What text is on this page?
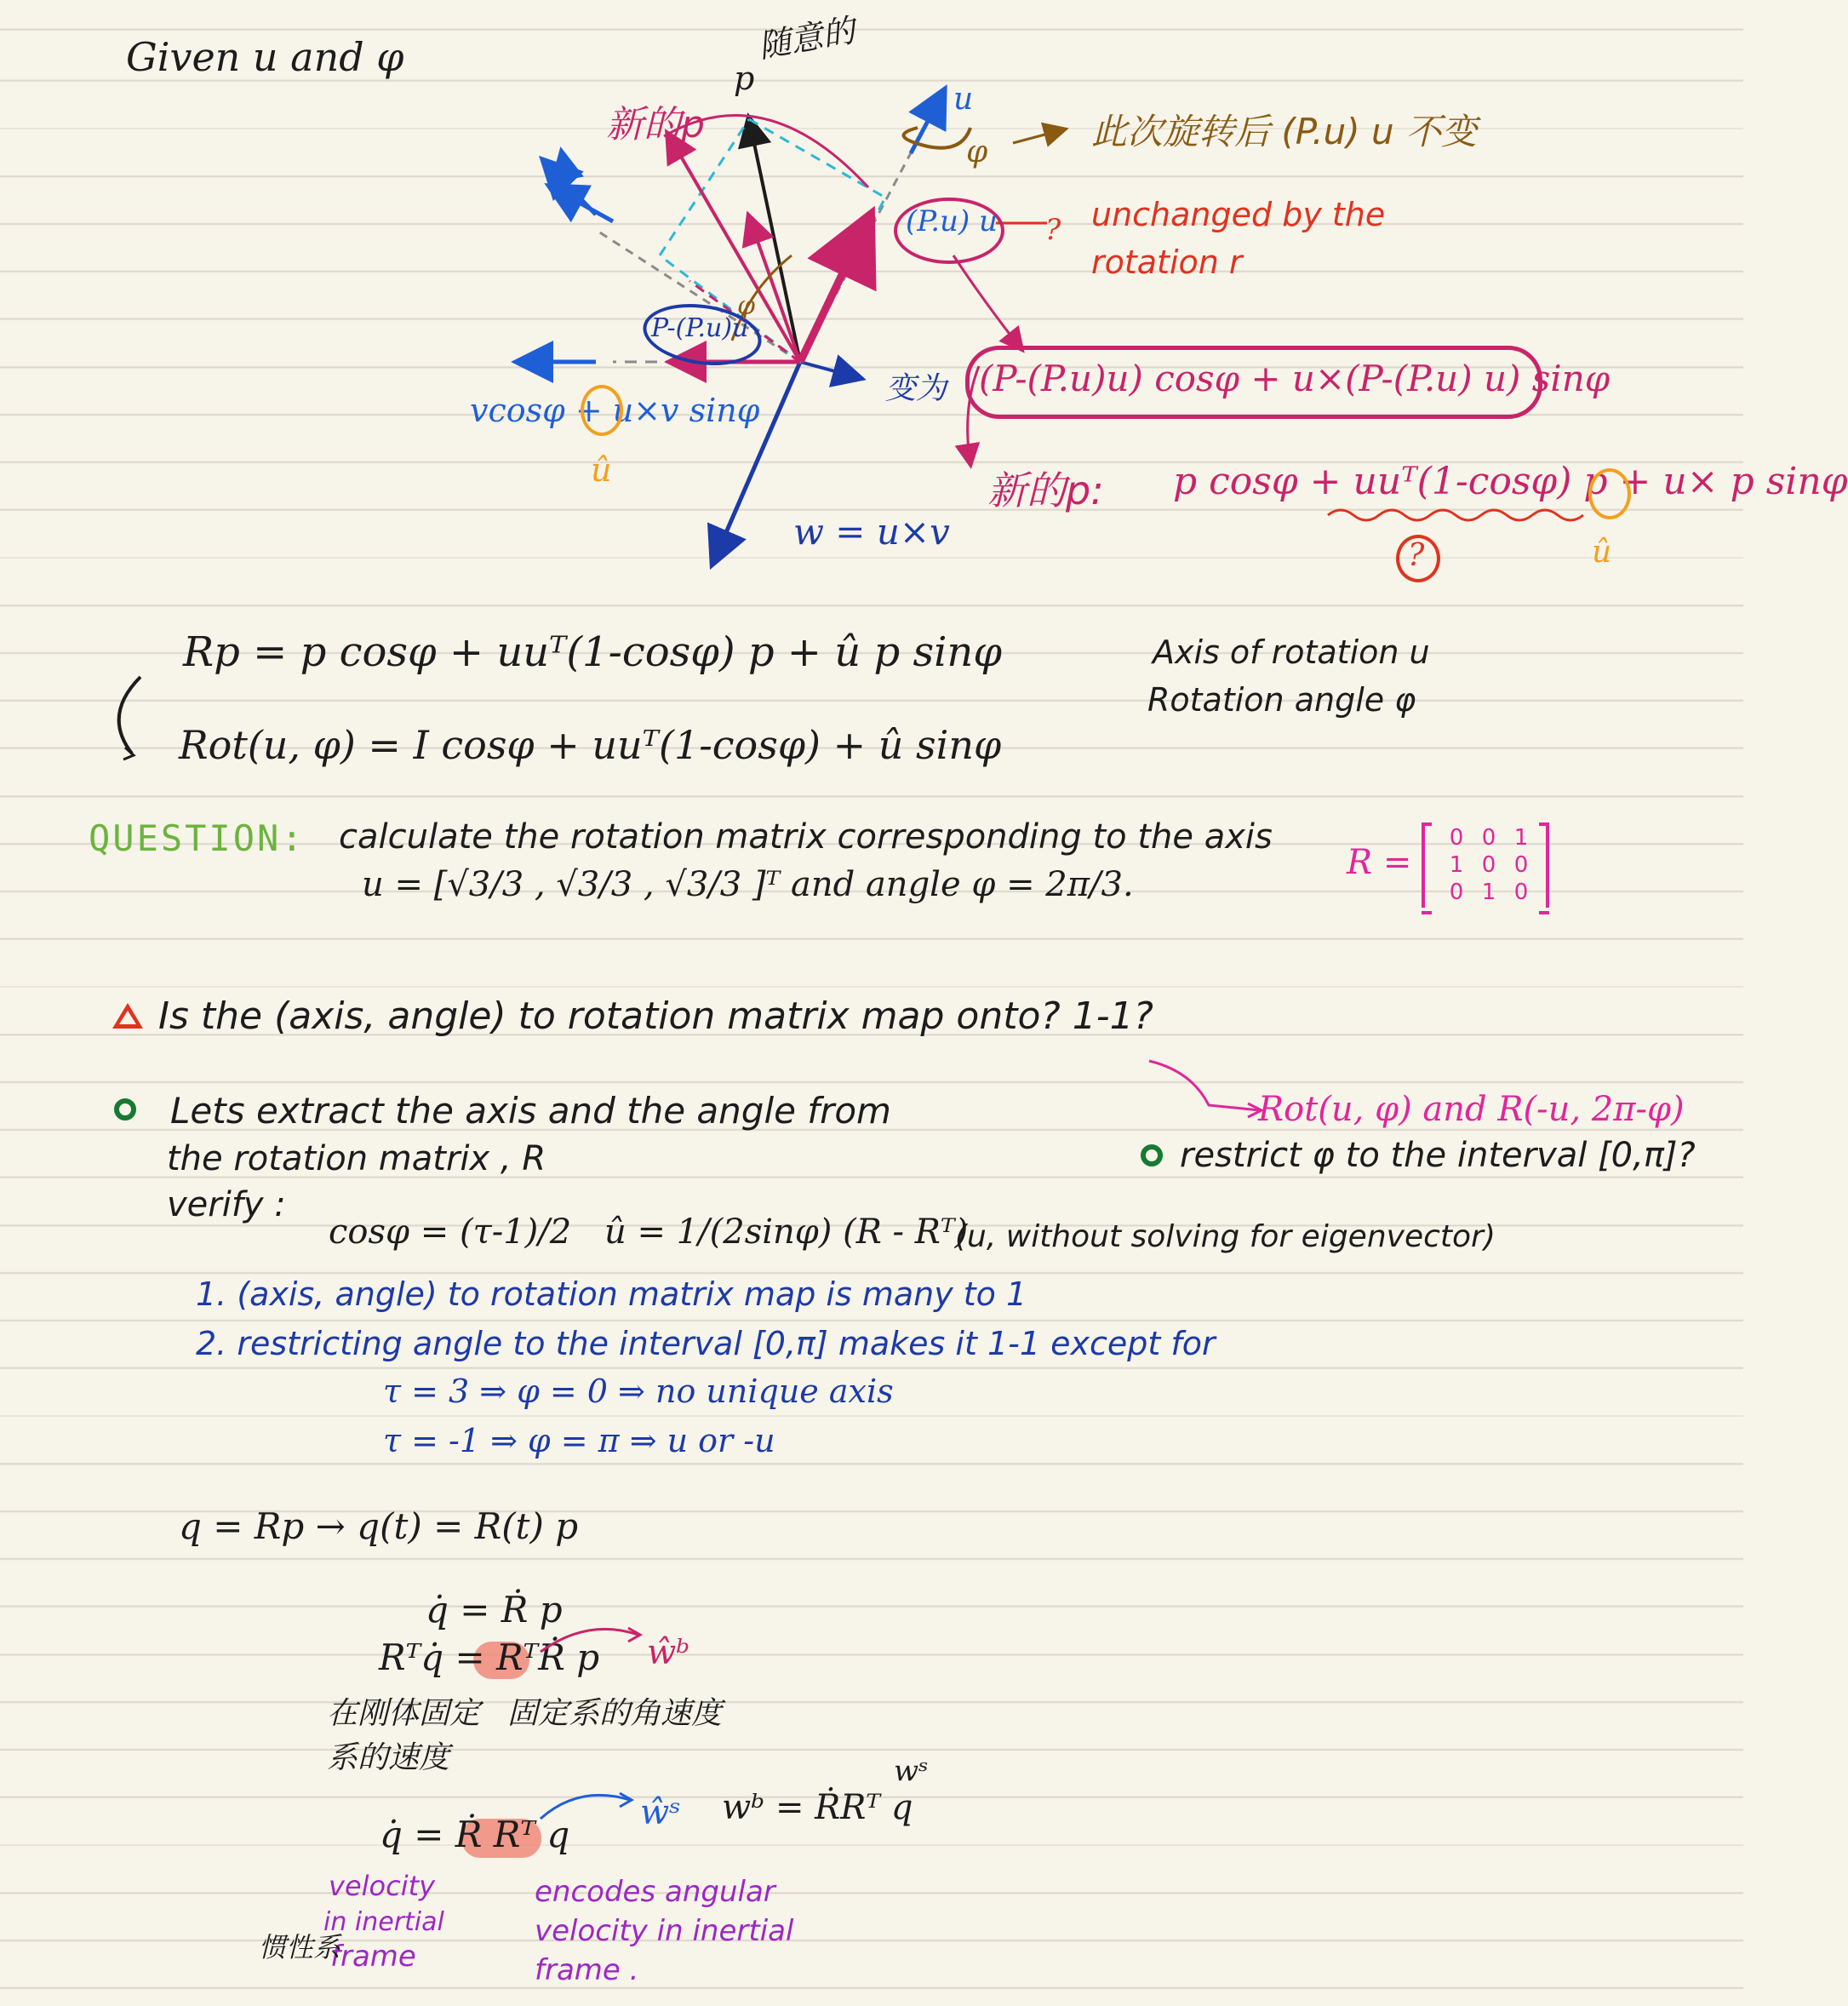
Given u and φ	p
随意的
新的p
u
φ	此次旋转后 (P.u) u 不变
(P.u) u ? unchanged by the
rotation r
P-(P.u)u
φ
变为 (P-(P.u)u) cosφ + u×(P-(P.u) u) sinφ
vcosφ + u×v sinφ
û	新的p: p cosφ + uuᵀ(1-cosφ) p + u× p sinφ
û
?
w = u×v
Rp = p cosφ + uuᵀ(1-cosφ) p + û p sinφ
Rot(u, φ) = I cosφ + uuᵀ(1-cosφ) + û sinφ
Axis of rotation u
Rotation angle φ
QUESTION: calculate the rotation matrix corresponding to the axis
u = [√3/3 , √3/3 , √3/3 ]ᵀ and angle φ = 2π/3.
R =
0 0 1
1 0 0
0 1 0
Is the (axis, angle) to rotation matrix map onto? 1-1?
Rot(u, φ) and R(-u, 2π-φ)
Lets extract the axis and the angle from
the rotation matrix , R	restrict φ to the interval [0,π]?
verify :
cosφ = (τ-1)/2 û = 1/(2sinφ) (R - Rᵀ)
(u, without solving for eigenvector)
1. (axis, angle) to rotation matrix map is many to 1
2. restricting angle to the interval [0,π] makes it 1-1 except for
τ = 3 ⇒ φ = 0 ⇒ no unique axis
τ = -1 ⇒ φ = π ⇒ u or -u
q = Rp → q(t) = R(t) p
q̇ = Ṙ p
Rᵀq̇ = RᵀṘ p ŵᵇ
在刚体固定
系的速度
固定系的角速度
q̇ = Ṙ Rᵀ q
ŵˢ wᵇ = ṘRᵀ q
wˢ
velocity
in inertial
frame
惯性系
encodes angular
velocity in inertial
frame .
